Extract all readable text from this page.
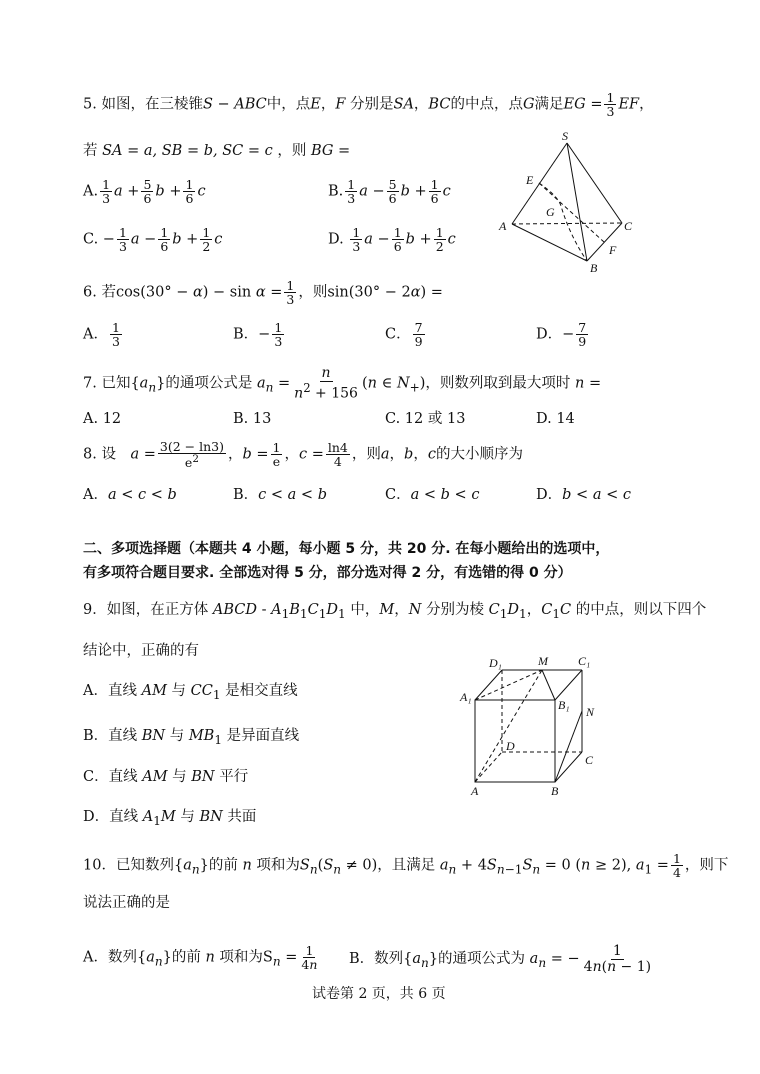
5. 如图，在三棱锥S − ABC中，点E，F 分别是SA，BC的中点，点G满足EG = $\frac{1}{3}$ EF，
若 SA = a, SB = b, SC = c ，则 BG =
A. $\frac{1}{3}$ $a + \frac{5}{6}$ $b + \frac{1}{6}$ c	B. $\frac{1}{3}$ $a - \frac{5}{6}$ $b + \frac{1}{6}$ c
C. − $\frac{1}{3}$ $a - \frac{1}{6}$ $b + \frac{1}{2}$ c	D. $\frac{1}{3}$ $a - \frac{1}{6}$ $b + \frac{1}{2}$ c
S
E
G
A	C
F
B
6. 若$\cos(30^\circ - \alpha) - \sin \alpha = \frac{1}{3}$ ，则sin(30° − 2α) =
A． $\frac{1}{3}$	B．− $\frac{1}{3}$	C． $\frac{7}{9}$	D．− $\frac{7}{9}$
7. 已知$\{a_n\}$的通项公式是 $a_n = \frac{n}{n^2 + 156} (n$ ∈ $N_+$)，则数列取到最大项时 n =
A. 12	B. 13	C. 12 或 13	D. 14
8. 设　$a = \frac{3(2 - \ln 3)}{e^2}$ ，$b = \frac{1}{e}$ ，$c = \frac{\ln 4}{4}$ ，则a，b，c的大小顺序为
A．a < c < b	B．c < a < b	C．a < b < c	D．b < a < c
二、多项选择题（本题共 4 小题，每小题 5 分，共 20 分. 在每小题给出的选项中，
有多项符合题目要求. 全部选对得 5 分，部分选对得 2 分，有选错的得 0 分）
9．如图，在正方体 ABCD - $A_1B_1C_1D_1$ 中，M，N 分别为棱 $C_1D_1$，$C_1C$ 的中点，则以下四个
结论中，正确的有
A．直线 AM 与 $CC_1$ 是相交直线
B．直线 BN 与 $MB_1$ 是异面直线
C．直线 AM 与 BN 平行
D．直线 $A_1M$ 与 BN 共面
D₁	M	C₁
A₁
B₁ N
D
C
A	B
10．已知数列$\{a_n\}$的前 n 项和为$S_n(S_n \ne 0)$，且满足 $a_n + 4S_{n-1}S_n = 0$ (n ≥ 2), $a_1 = \frac{1}{4}$ ，则下
说法正确的是
A．数列$\{a_n\}$的前 n 项和为$S_n = \frac{1}{4n}$ B．数列$\{a_n\}$的通项公式为 $a_n$ = − $\frac{1}{4n(n - 1)}$
试卷第 2 页，共 6 页
